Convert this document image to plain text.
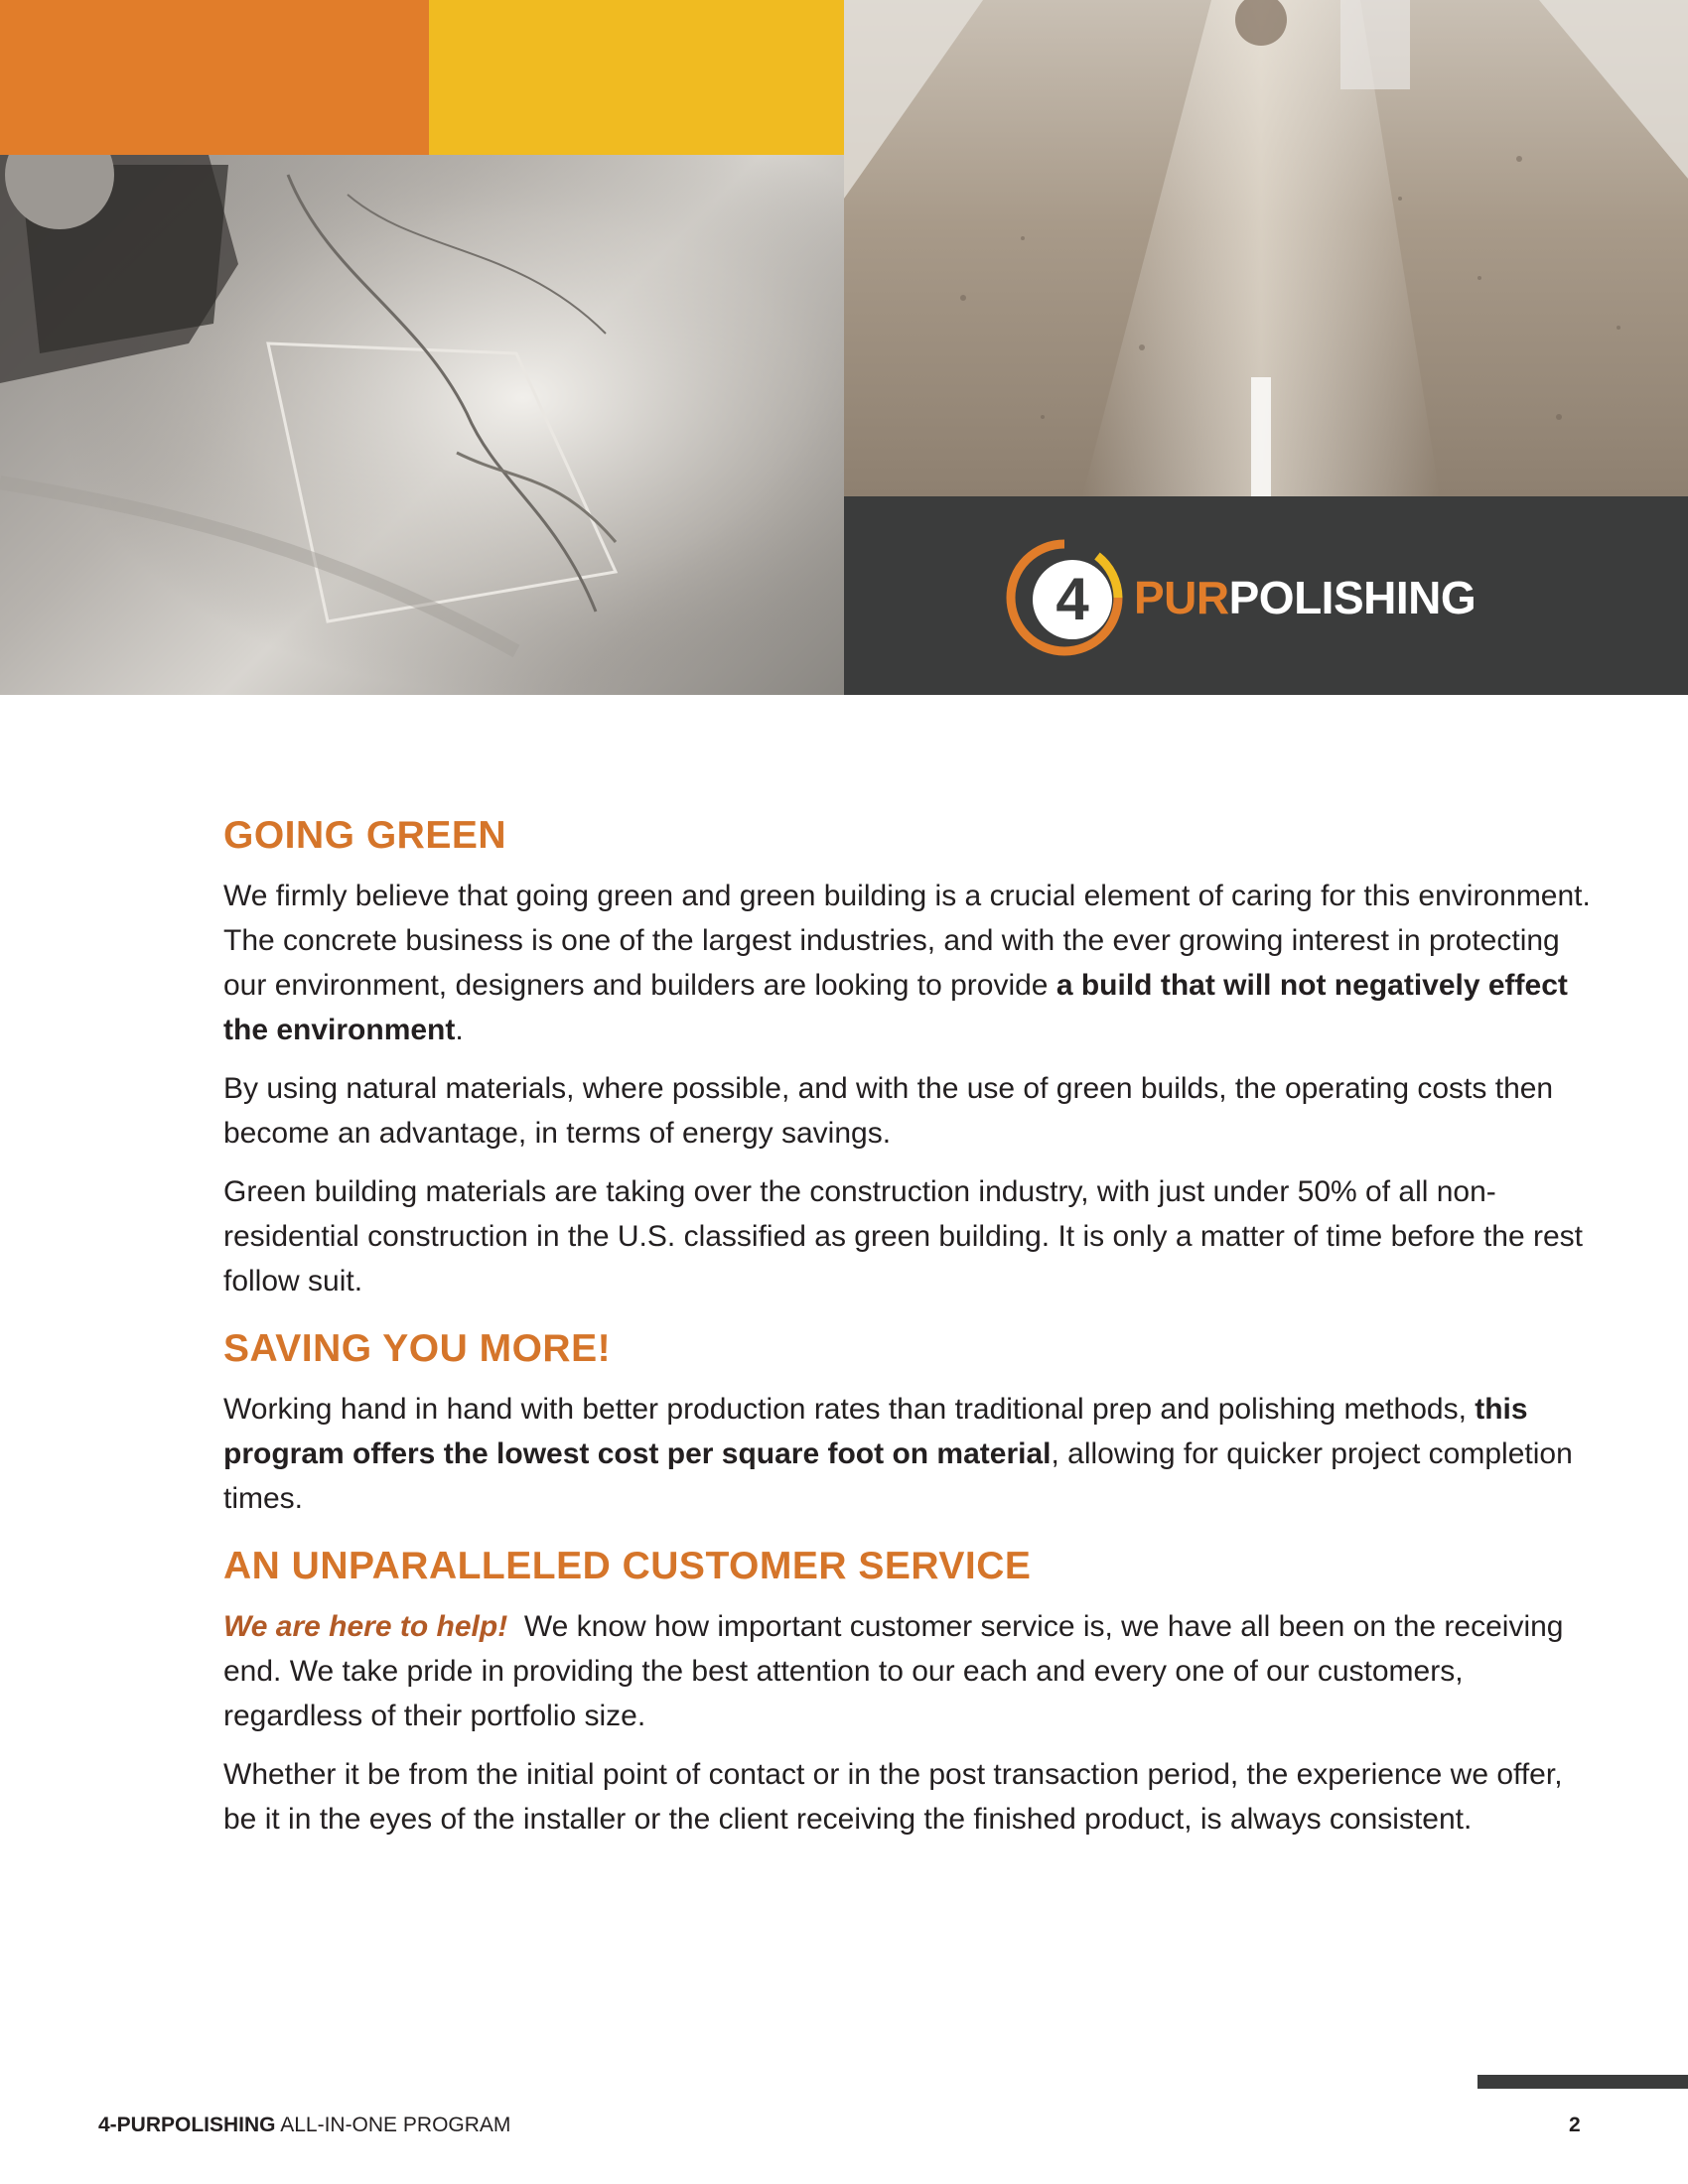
4 PURPOLISHING
GOING GREEN

We firmly believe that going green and green building is a crucial element of caring for this environment. The concrete business is one of the largest industries, and with the ever growing interest in protecting our environment, designers and builders are looking to provide a build that will not negatively effect the environment.

By using natural materials, where possible, and with the use of green builds, the operating costs then become an advantage, in terms of energy savings.

Green building materials are taking over the construction industry, with just under 50% of all non-residential construction in the U.S. classified as green building. It is only a matter of time before the rest follow suit.

SAVING YOU MORE!

Working hand in hand with better production rates than traditional prep and polishing methods, this program offers the lowest cost per square foot on material, allowing for quicker project completion times.

AN UNPARALLELED CUSTOMER SERVICE

We are here to help!  We know how important customer service is, we have all been on the receiving end. We take pride in providing the best attention to our each and every one of our customers, regardless of their portfolio size.

Whether it be from the initial point of contact or in the post transaction period, the experience we offer, be it in the eyes of the installer or the client receiving the finished product, is always consistent.

4-PURPOLISHING ALL-IN-ONE PROGRAM	2
